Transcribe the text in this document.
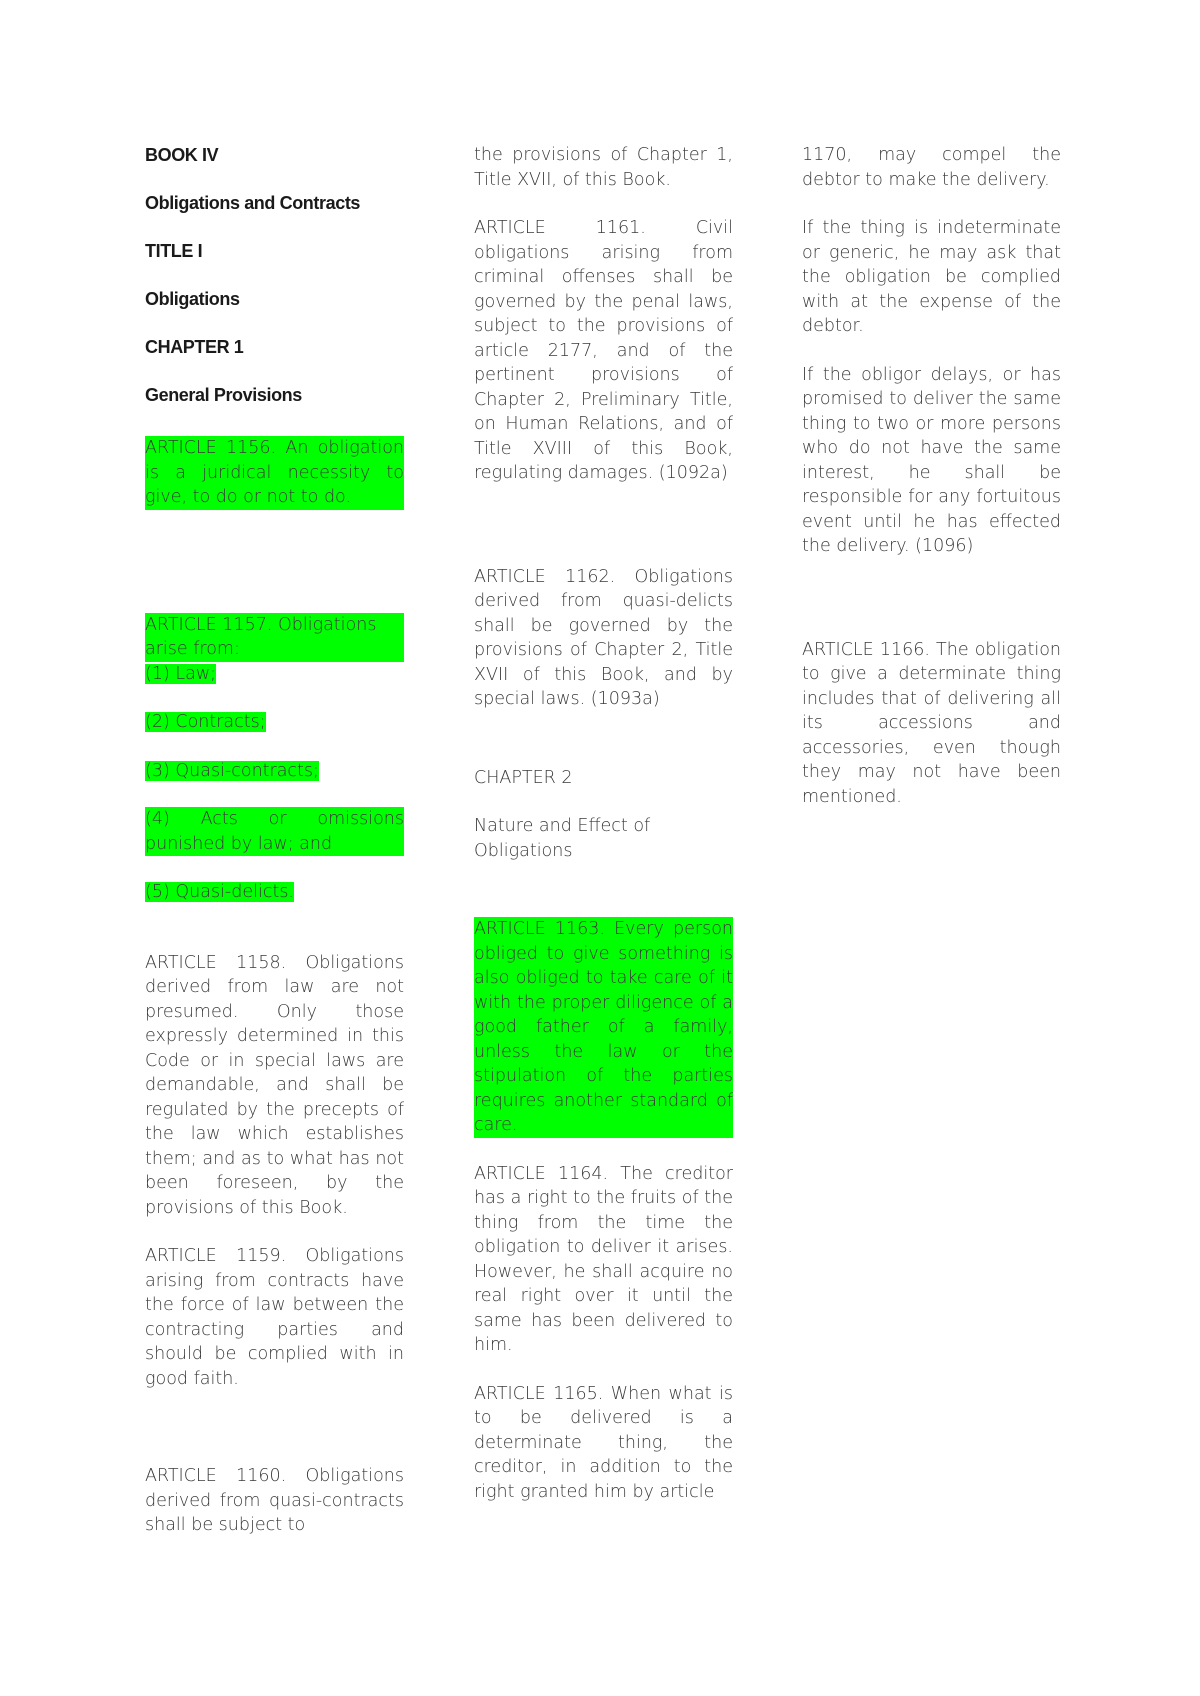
BOOK IV
Obligations and Contracts
TITLE I
Obligations
CHAPTER 1
General Provisions

ARTICLE 1156. An obligation is a juridical necessity to give, to do or not to do.

ARTICLE 1157. Obligations arise from:

(1) Law;

(2) Contracts;

(3) Quasi-contracts;

(4) Acts or omissions punished by law; and

(5) Quasi-delicts.

ARTICLE 1158. Obligations derived from law are not presumed. Only those expressly determined in this Code or in special laws are demandable, and shall be regulated by the precepts of the law which establishes them; and as to what has not been foreseen, by the provisions of this Book.

ARTICLE 1159. Obligations arising from contracts have the force of law between the contracting parties and should be complied with in good faith.

ARTICLE 1160. Obligations derived from quasi-contracts shall be subject to

the provisions of Chapter 1, Title XVII, of this Book.

ARTICLE 1161. Civil obligations arising from criminal offenses shall be governed by the penal laws, subject to the provisions of article 2177, and of the pertinent provisions of Chapter 2, Preliminary Title, on Human Relations, and of Title XVIII of this Book, regulating damages. (1092a)

ARTICLE 1162. Obligations derived from quasi-delicts shall be governed by the provisions of Chapter 2, Title XVII of this Book, and by special laws. (1093a)

CHAPTER 2

Nature and Effect of Obligations

ARTICLE 1163. Every person obliged to give something is also obliged to take care of it with the proper diligence of a good father of a family, unless the law or the stipulation of the parties requires another standard of care.

ARTICLE 1164. The creditor has a right to the fruits of the thing from the time the obligation to deliver it arises. However, he shall acquire no real right over it until the same has been delivered to him.

ARTICLE 1165. When what is to be delivered is a determinate thing, the creditor, in addition to the right granted him by article

1170, may compel the debtor to make the delivery.

If the thing is indeterminate or generic, he may ask that the obligation be complied with at the expense of the debtor.

If the obligor delays, or has promised to deliver the same thing to two or more persons who do not have the same interest, he shall be responsible for any fortuitous event until he has effected the delivery. (1096)

ARTICLE 1166. The obligation to give a determinate thing includes that of delivering all its accessions and accessories, even though they may not have been mentioned.
